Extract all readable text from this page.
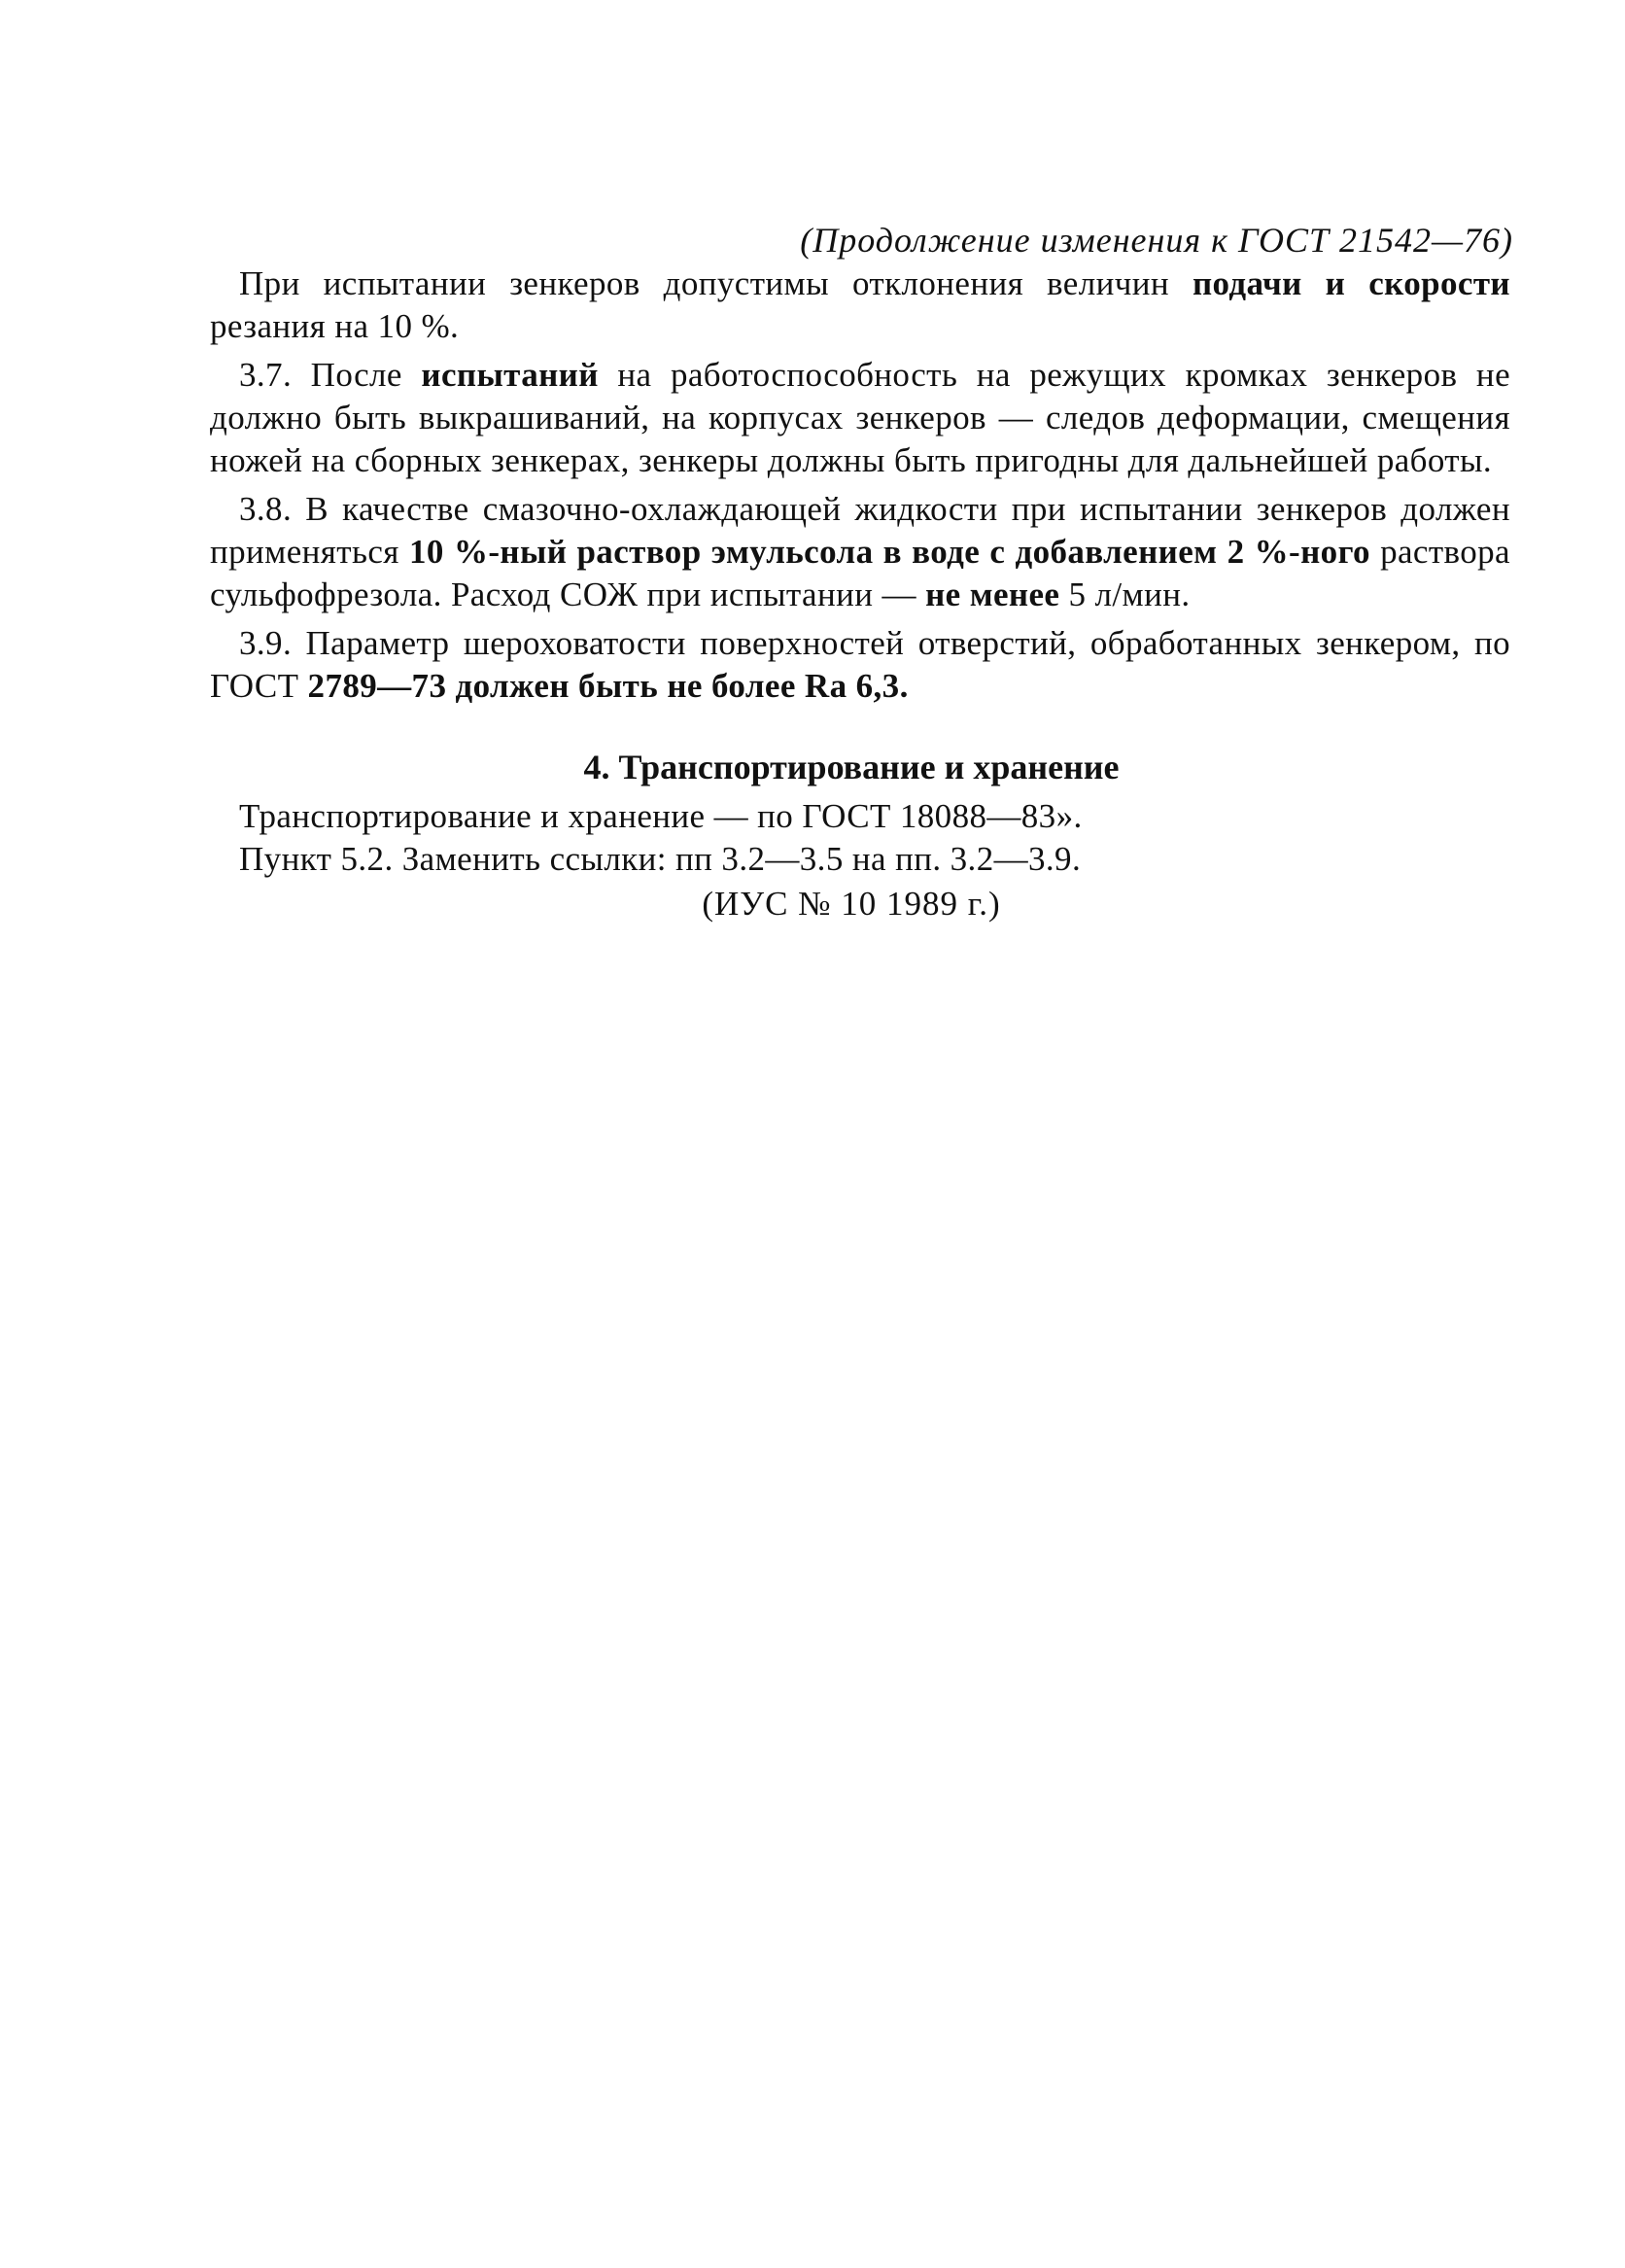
(Продолжение изменения к ГОСТ 21542—76)

При испытании зенкеров допустимы отклонения величин подачи и скорости резания на 10 %.

3.7. После испытаний на работоспособность на режущих кромках зенкеров не должно быть выкрашиваний, на корпусах зенкеров — следов деформации, смещения ножей на сборных зенкерах, зенкеры должны быть пригодны для дальнейшей работы.

3.8. В качестве смазочно-охлаждающей жидкости при испытании зенкеров должен применяться 10 %-ный раствор эмульсола в воде с добавлением 2 %-ного раствора сульфофрезола. Расход СОЖ при испытании — не менее 5 л/мин.

3.9. Параметр шероховатости поверхностей отверстий, обработанных зенкером, по ГОСТ 2789—73 должен быть не более Ra 6,3.

4. Транспортирование и хранение
Транспортирование и хранение — по ГОСТ 18088—83».
Пункт 5.2. Заменить ссылки: пп 3.2—3.5 на пп. 3.2—3.9.
(ИУС № 10 1989 г.)
